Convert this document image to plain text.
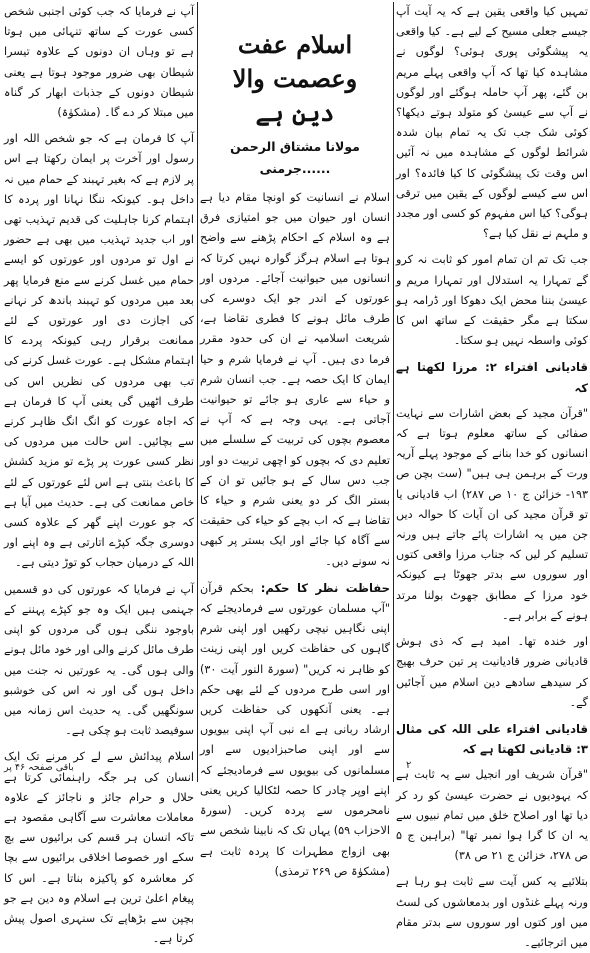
تمہیں کیا واقعی یقین ہے کہ یہ آیت آپ جیسے جعلی مسیح کے لیے ہے۔ کیا واقعی یہ پیشگوئی پوری ہوئی؟ لوگوں نے مشاہدہ کیا تھا کہ آپ واقعی پہلے مریم بن گئے، پھر آپ حاملہ ہوگئے اور لوگوں نے آپ سے عیسیٰ کو متولد ہوتے دیکھا؟ کوئی شک جب تک یہ تمام بیان شدہ شرائط لوگوں کے مشاہدہ میں نہ آئیں اس وقت تک پیشگوئی کا کیا فائدہ؟ اور اس سے کیسے لوگوں کے یقین میں ترقی ہوگی؟ کیا اس مفہوم کو کسی اور مجدد و ملہم نے نقل کیا ہے؟

جب تک تم ان تمام امور کو ثابت نہ کرو گے تمہارا یہ استدلال اور تمہارا مریم و عیسیٰ بننا محض ایک دھوکا اور ڈرامہ ہو سکتا ہے مگر حقیقت کے ساتھ اس کا کوئی واسطہ نہیں ہو سکتا۔

قادیانی افتراء ۲: مرزا لکھتا ہے کہ

"قرآن مجید کے بعض اشارات سے نہایت صفائی کے ساتھ معلوم ہوتا ہے کہ انسانوں کو خدا بنانے کے موجود پہلے آریہ ورت کے برہمن ہی ہیں" (ست بچن ص ۱۹۳- خزائن ج ۱۰ ص ۲۸۷) اب قادیانی یا تو قرآن مجید کی ان آیات کا حوالہ دیں جن میں یہ اشارات پائے جاتے ہیں ورنہ تسلیم کر لیں کہ جناب مرزا واقعی کتوں اور سوروں سے بدتر جھوٹا ہے کیونکہ خود مرزا کے مطابق جھوٹ بولنا مرتد ہونے کے برابر ہے۔

اور خندہ تھا۔ امید ہے کہ ذی ہوش قادیانی ضرور قادیانیت پر تین حرف بھیج کر سیدھے سادھے دین اسلام میں آجائیں گے۔

قادیانی افتراء علی اللہ کی مثال ۳: قادیانی لکھتا ہے کہ

"قرآن شریف اور انجیل سے یہ ثابت ہے کہ یہودیوں نے حضرت عیسیٰ کو رد کر دیا تھا اور اصلاح خلق میں تمام نبیوں سے یہ ان کا گرا ہوا نمبر تھا" (براہین ج ۵ ص ۲۷۸، خزائن ج ۲۱ ص ۳۸)

بتلائیے یہ کس آیت سے ثابت ہو رہا ہے ورنہ پہلے غنڈوں اور بدمعاشوں کی لسٹ میں اور کتوں اور سوروں سے بدتر مقام میں اترجائیے۔

اسلام عفت وعصمت والا
دین ہے
مولانا مشتاق الرحمن ......جرمنی

اسلام نے انسانیت کو اونچا مقام دیا ہے انسان اور حیوان میں جو امتیازی فرق ہے وہ اسلام کے احکام پڑھنے سے واضح ہوتا ہے اسلام ہرگز گوارہ نہیں کرتا کہ انسانوں میں حیوانیت آجائے۔ مردوں اور عورتوں کے اندر جو ایک دوسرے کی طرف مائل ہونے کا فطری تقاضا ہے، شریعت اسلامیہ نے ان کی حدود مقرر فرما دی ہیں۔ آپ نے فرمایا شرم و حیا ایمان کا ایک حصہ ہے۔ جب انسان شرم و حیاء سے عاری ہو جائے تو حیوانیت آجاتی ہے۔ یہی وجہ ہے کہ آپ نے معصوم بچوں کی تربیت کے سلسلے میں تعلیم دی کہ بچوں کو اچھی تربیت دو اور جب دس سال کے ہو جائیں تو ان کے بستر الگ کر دو یعنی شرم و حیاء کا تقاضا ہے کہ اب بچے کو حیاء کی حقیقت سے آگاہ کیا جائے اور ایک بستر پر کبھی نہ سونے دیں۔

حفاظت نظر کا حکم: بحکم قرآن "آپ مسلمان عورتوں سے فرمادیجئے کہ اپنی نگاہیں نیچی رکھیں اور اپنی شرم گاہوں کی حفاظت کریں اور اپنی زینت کو ظاہر نہ کریں" (سورۃ النور آیت ۳۰) اور اسی طرح مردوں کے لئے بھی حکم ہے۔ یعنی آنکھوں کی حفاظت کریں ارشاد ربانی ہے اے نبی آپ اپنی بیویوں سے اور اپنی صاحبزادیوں سے اور مسلمانوں کی بیویوں سے فرمادیجئے کہ اپنے اوپر چادر کا حصہ لٹکالیا کریں یعنی نامحرموں سے پردہ کریں۔ (سورۃ الاحزاب ۵۹) یہاں تک کہ نابینا شخص سے بھی ازواج مطہرات کا پردہ ثابت ہے (مشکوٰۃ ص ۲۶۹ ترمذی)

آپ نے فرمایا کہ جب کوئی اجنبی شخص کسی عورت کے ساتھ تنہائی میں ہوتا ہے تو وہاں ان دونوں کے علاوہ تیسرا شیطان بھی ضرور موجود ہوتا ہے یعنی شیطان دونوں کے جذبات ابھار کر گناہ میں مبتلا کر دے گا۔ (مشکوٰۃ)

آپ کا فرمان ہے کہ جو شخص اللہ اور رسول اور آخرت پر ایمان رکھتا ہے اس پر لازم ہے کہ بغیر تہبند کے حمام میں نہ داخل ہو۔ کیونکہ ننگا نہانا اور پردہ کا اہتمام کرنا جاہلیت کی قدیم تہذیب تھی اور اب جدید تہذیب میں بھی ہے حضور نے اول تو مردوں اور عورتوں کو ایسے حمام میں غسل کرنے سے منع فرمایا پھر بعد میں مردوں کو تہبند باندھ کر نہانے کی اجازت دی اور عورتوں کے لئے ممانعت برقرار رہی کیونکہ پردے کا اہتمام مشکل ہے۔ عورت غسل کرنے کی تب بھی مردوں کی نظریں اس کی طرف اٹھیں گی یعنی آپ کا فرمان ہے کہ اجاہ عورت کو انگ انگ ظاہر کرنے سے بچائیں۔ اس حالت میں مردوں کی نظر کسی عورت پر پڑے تو مزید کشش کا باعث بنتی ہے اس لئے عورتوں کے لئے خاص ممانعت کی ہے۔ حدیث میں آیا ہے کہ جو عورت اپنے گھر کے علاوہ کسی دوسری جگہ کپڑے اتارتی ہے وہ اپنے اور اللہ کے درمیان حجاب کو توڑ دیتی ہے۔

آپ نے فرمایا کہ عورتوں کی دو قسمیں جہنمی ہیں ایک وہ جو کپڑے پہننے کے باوجود ننگی ہوں گی مردوں کو اپنی طرف مائل کرنے والی اور خود مائل ہونے والی ہوں گی۔ یہ عورتیں نہ جنت میں داخل ہوں گی اور نہ اس کی خوشبو سونگھیں گی۔ یہ حدیث اس زمانہ میں سوفیصد ثابت ہو چکی ہے۔

اسلام پیدائش سے لے کر مرنے تک ایک انسان کی ہر جگہ راہنمائی کرتا ہے حلال و حرام جائز و ناجائز کے علاوہ معاملات معاشرت سے آگاہی مقصود ہے تاکہ انسان ہر قسم کی برائیوں سے بچ سکے اور خصوصا اخلاقی برائیوں سے بچا کر معاشرہ کو پاکیزہ بناتا ہے۔ اس کا پیغام اعلیٰ ترین ہے اسلام وہ دین ہے جو بچپن سے بڑھاپے تک سنہری اصول پیش کرتا ہے۔

باقی صفحہ ۴۶ پر	۲
